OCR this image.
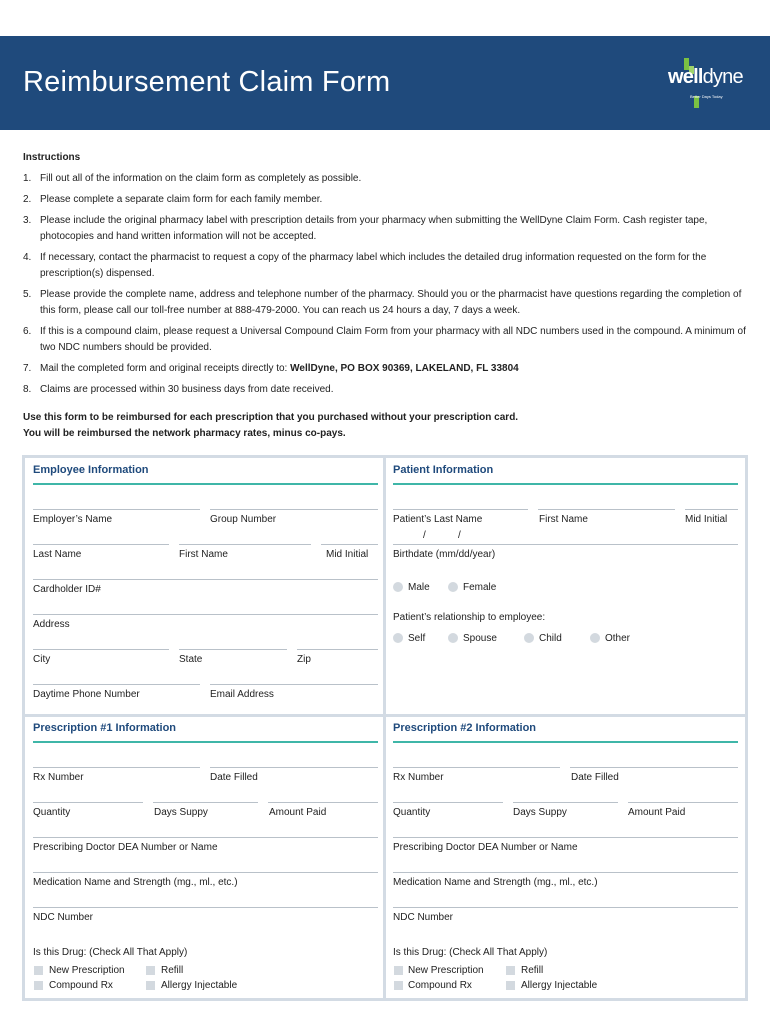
Reimbursement Claim Form	welldyne
Better Days Today
Instructions
1. Fill out all of the information on the claim form as completely as possible.
2. Please complete a separate claim form for each family member.
3. Please include the original pharmacy label with prescription details from your pharmacy when submitting the WellDyne Claim Form. Cash register tape, photocopies and hand written information will not be accepted.
4. If necessary, contact the pharmacist to request a copy of the pharmacy label which includes the detailed drug information requested on the form for the prescription(s) dispensed.
5. Please provide the complete name, address and telephone number of the pharmacy. Should you or the pharmacist have questions regarding the completion of this form, please call our toll-free number at 888-479-2000. You can reach us 24 hours a day, 7 days a week.
6. If this is a compound claim, please request a Universal Compound Claim Form from your pharmacy with all NDC numbers used in the compound. A minimum of two NDC numbers should be provided.
7. Mail the completed form and original receipts directly to: WellDyne, PO BOX 90369, LAKELAND, FL 33804
8. Claims are processed within 30 business days from date received.
Use this form to be reimbursed for each prescription that you purchased without your prescription card.
You will be reimbursed the network pharmacy rates, minus co-pays.
Employee Information
Employer’s Name	Group Number
Last Name	First Name	Mid Initial
Cardholder ID#
Address
City	State	Zip
Daytime Phone Number	Email Address
Patient Information
Patient’s Last Name	First Name	Mid Initial
/	/
Birthdate (mm/dd/year)
Male	Female
Patient’s relationship to employee:
Self	Spouse	Child	Other
Prescription #1 Information
Rx Number	Date Filled
Quantity	Days Suppy	Amount Paid
Prescribing Doctor DEA Number or Name
Medication Name and Strength (mg., ml., etc.)
NDC Number
Is this Drug: (Check All That Apply)
New Prescription	Refill
Compound Rx	Allergy Injectable
Prescription #2 Information
Rx Number	Date Filled
Quantity	Days Suppy	Amount Paid
Prescribing Doctor DEA Number or Name
Medication Name and Strength (mg., ml., etc.)
NDC Number
Is this Drug: (Check All That Apply)
New Prescription	Refill
Compound Rx	Allergy Injectable
